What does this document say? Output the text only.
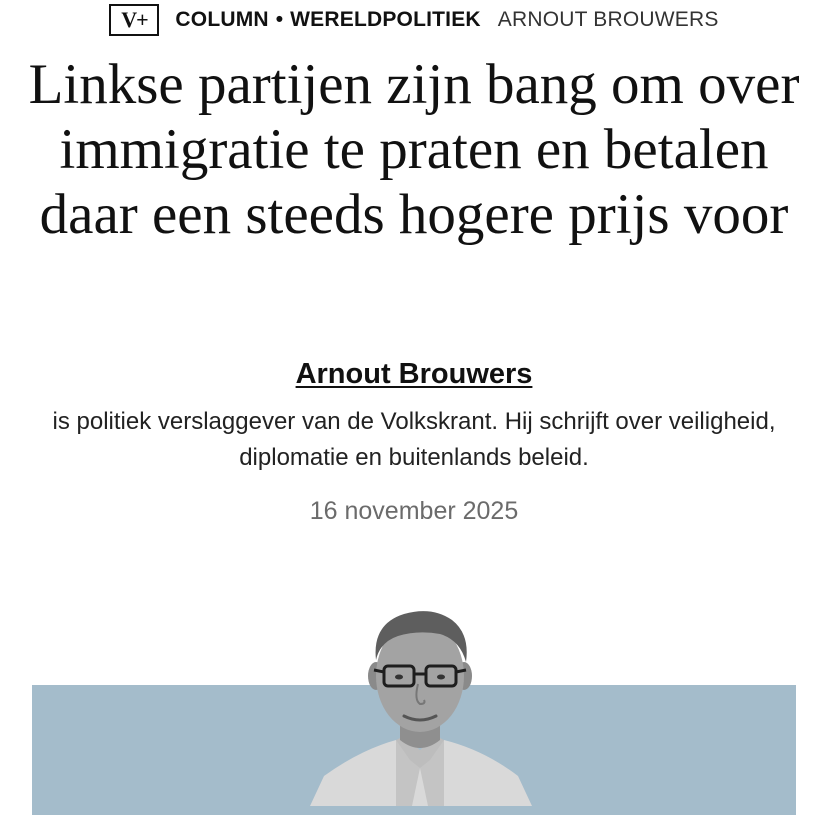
V+	COLUMN • WERELDPOLITIEK ARNOUT BROUWERS
Linkse partijen zijn bang om over immigratie te praten en betalen daar een steeds hogere prijs voor
Arnout Brouwers
is politiek verslaggever van de Volkskrant. Hij schrijft over veiligheid, diplomatie en buitenlands beleid.
16 november 2025
